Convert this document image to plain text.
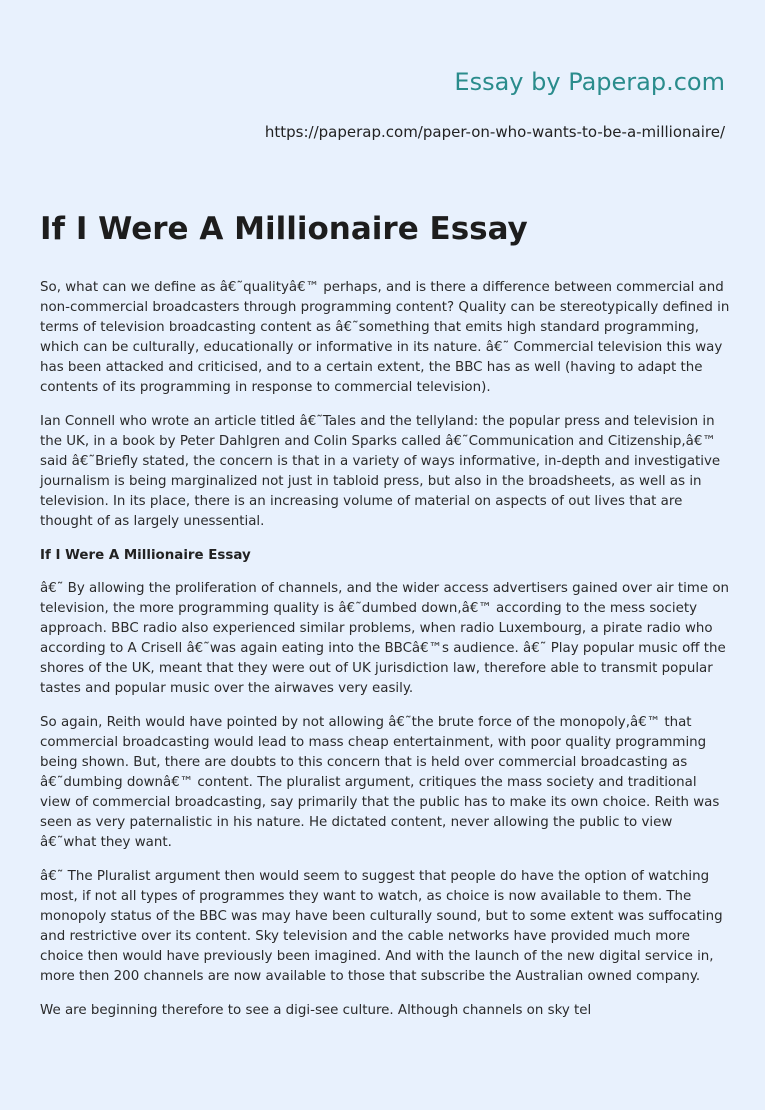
Essay by Paperap.com
https://paperap.com/paper-on-who-wants-to-be-a-millionaire/
If I Were A Millionaire Essay

So, what can we define as â€˜qualityâ€™ perhaps, and is there a difference between commercial and non-commercial broadcasters through programming content? Quality can be stereotypically defined in terms of television broadcasting content as â€˜something that emits high standard programming, which can be culturally, educationally or informative in its nature. â€˜ Commercial television this way has been attacked and criticised, and to a certain extent, the BBC has as well (having to adapt the contents of its programming in response to commercial television).

Ian Connell who wrote an article titled â€˜Tales and the tellyland: the popular press and television in the UK, in a book by Peter Dahlgren and Colin Sparks called â€˜Communication and Citizenship,â€™ said â€˜Briefly stated, the concern is that in a variety of ways informative, in-depth and investigative journalism is being marginalized not just in tabloid press, but also in the broadsheets, as well as in television. In its place, there is an increasing volume of material on aspects of out lives that are thought of as largely unessential.

If I Were A Millionaire Essay

â€˜ By allowing the proliferation of channels, and the wider access advertisers gained over air time on television, the more programming quality is â€˜dumbed down,â€™ according to the mess society approach. BBC radio also experienced similar problems, when radio Luxembourg, a pirate radio who according to A Crisell â€˜was again eating into the BBCâ€™s audience. â€˜ Play popular music off the shores of the UK, meant that they were out of UK jurisdiction law, therefore able to transmit popular tastes and popular music over the airwaves very easily.

So again, Reith would have pointed by not allowing â€˜the brute force of the monopoly,â€™ that commercial broadcasting would lead to mass cheap entertainment, with poor quality programming being shown. But, there are doubts to this concern that is held over commercial broadcasting as â€˜dumbing downâ€™ content. The pluralist argument, critiques the mass society and traditional view of commercial broadcasting, say primarily that the public has to make its own choice. Reith was seen as very paternalistic in his nature. He dictated content, never allowing the public to view â€˜what they want.

â€˜ The Pluralist argument then would seem to suggest that people do have the option of watching most, if not all types of programmes they want to watch, as choice is now available to them. The monopoly status of the BBC was may have been culturally sound, but to some extent was suffocating and restrictive over its content. Sky television and the cable networks have provided much more choice then would have previously been imagined. And with the launch of the new digital service in, more then 200 channels are now available to those that subscribe the Australian owned company.

We are beginning therefore to see a digi-see culture. Although channels on sky tel
